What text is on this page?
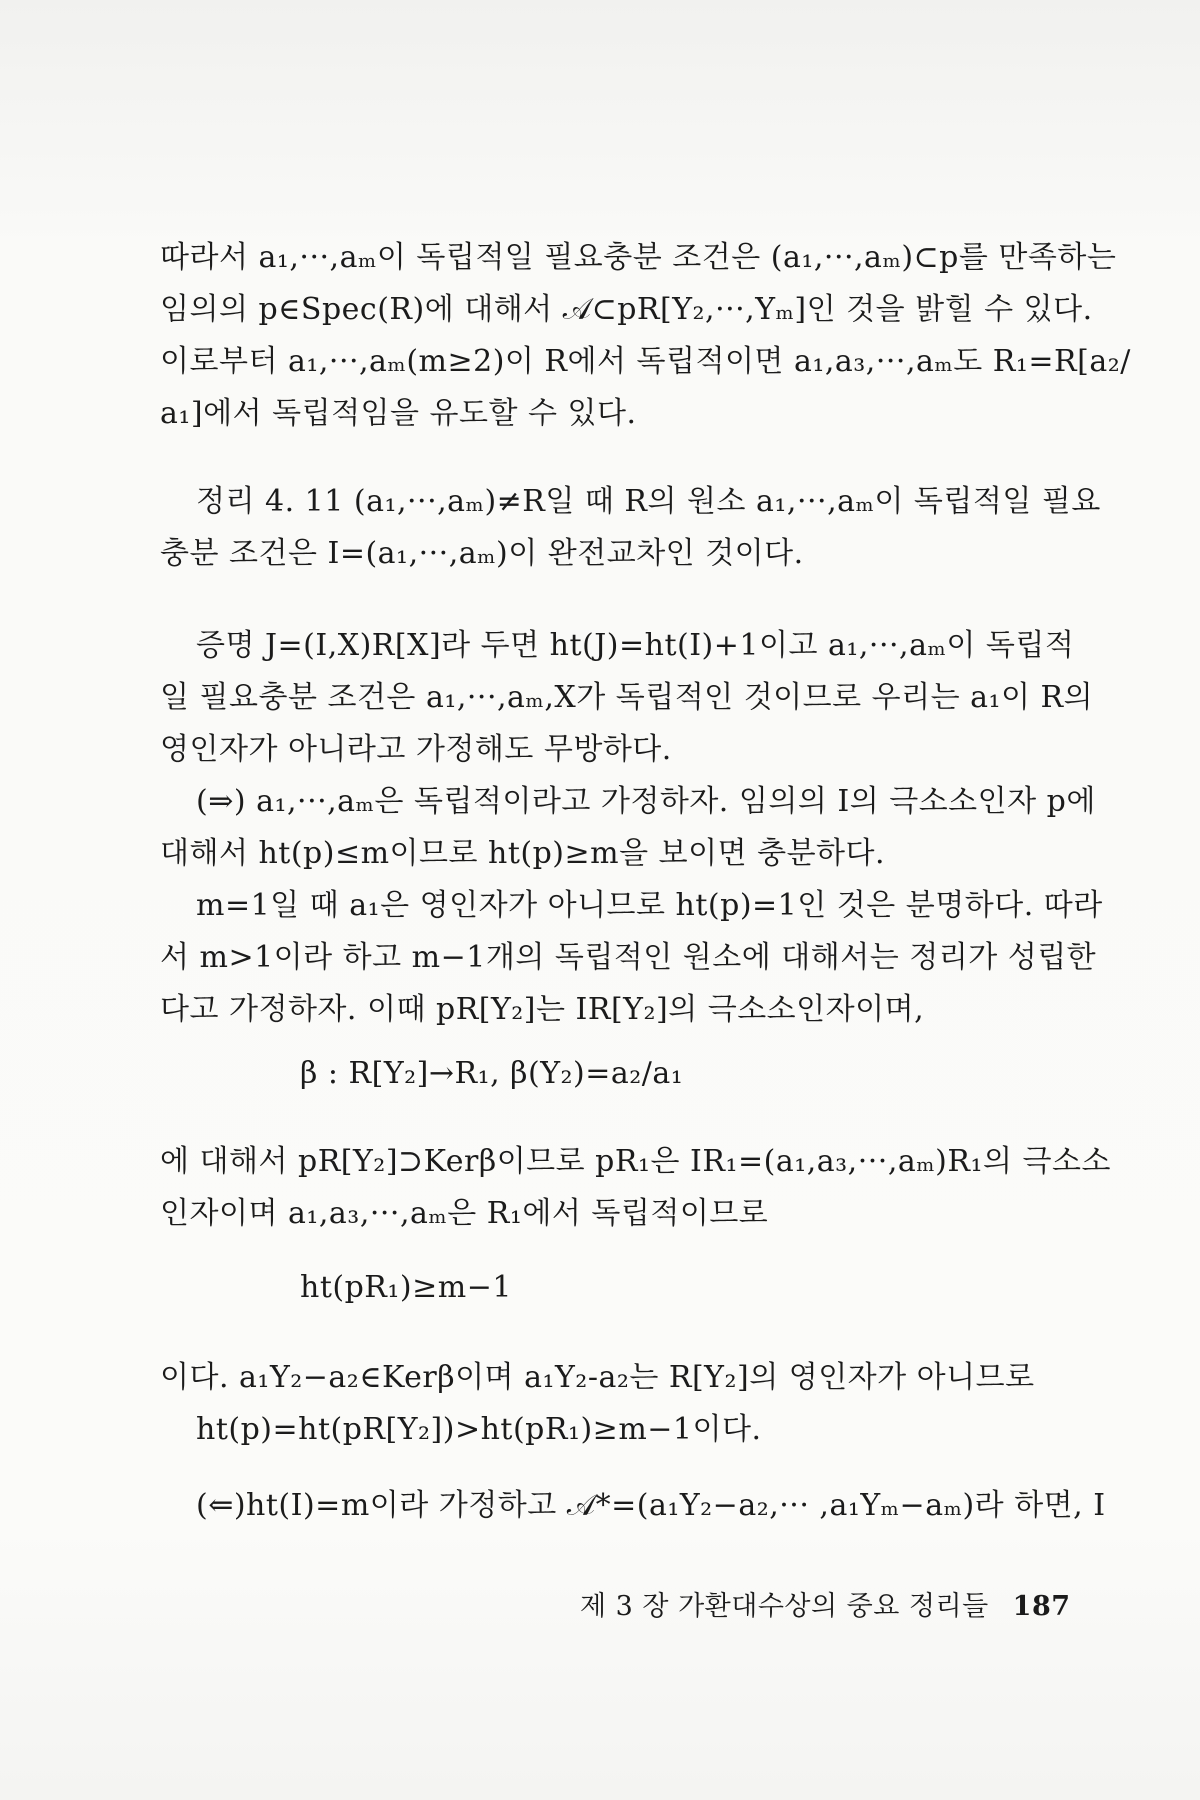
따라서 a₁,···,aₘ이 독립적일 필요충분 조건은 (a₁,···,aₘ)⊂p를 만족하는
임의의 p∈Spec(R)에 대해서 𝒜⊂pR[Y₂,···,Yₘ]인 것을 밝힐 수 있다.
이로부터 a₁,···,aₘ(m≥2)이 R에서 독립적이면 a₁,a₃,···,aₘ도 R₁=R[a₂/
a₁]에서 독립적임을 유도할 수 있다.
정리 4. 11 (a₁,···,aₘ)≠R일 때 R의 원소 a₁,···,aₘ이 독립적일 필요
충분 조건은 I=(a₁,···,aₘ)이 완전교차인 것이다.
증명 J=(I,X)R[X]라 두면 ht(J)=ht(I)+1이고 a₁,···,aₘ이 독립적
일 필요충분 조건은 a₁,···,aₘ,X가 독립적인 것이므로 우리는 a₁이 R의
영인자가 아니라고 가정해도 무방하다.
(⇒) a₁,···,aₘ은 독립적이라고 가정하자. 임의의 I의 극소소인자 p에
대해서 ht(p)≤m이므로 ht(p)≥m을 보이면 충분하다.
m=1일 때 a₁은 영인자가 아니므로 ht(p)=1인 것은 분명하다. 따라
서 m>1이라 하고 m−1개의 독립적인 원소에 대해서는 정리가 성립한
다고 가정하자. 이때 pR[Y₂]는 IR[Y₂]의 극소소인자이며,
β : R[Y₂]→R₁, β(Y₂)=a₂/a₁
에 대해서 pR[Y₂]⊃Kerβ이므로 pR₁은 IR₁=(a₁,a₃,···,aₘ)R₁의 극소소
인자이며 a₁,a₃,···,aₘ은 R₁에서 독립적이므로
ht(pR₁)≥m−1
이다. a₁Y₂−a₂∈Kerβ이며 a₁Y₂-a₂는 R[Y₂]의 영인자가 아니므로
ht(p)=ht(pR[Y₂])>ht(pR₁)≥m−1이다.
(⇐)ht(I)=m이라 가정하고 𝒜*=(a₁Y₂−a₂,··· ,a₁Yₘ−aₘ)라 하면, I
제 3 장 가환대수상의 중요 정리들 187
